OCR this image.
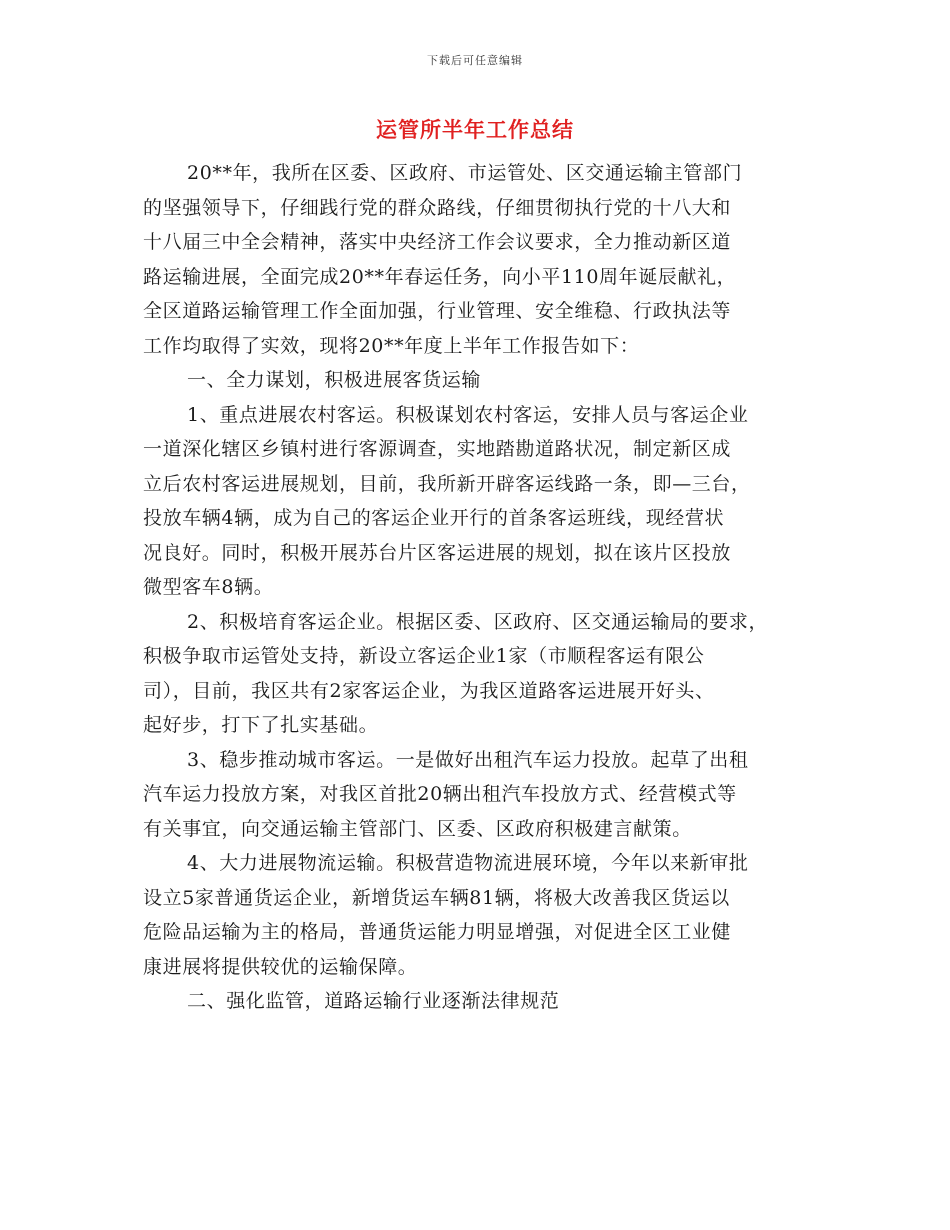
下载后可任意编辑
运管所半年工作总结
20**年，我所在区委、区政府、市运管处、区交通运输主管部门
的坚强领导下，仔细践行党的群众路线，仔细贯彻执行党的十八大和
十八届三中全会精神，落实中央经济工作会议要求，全力推动新区道
路运输进展，全面完成20**年春运任务，向小平110周年诞辰献礼，
全区道路运输管理工作全面加强，行业管理、安全维稳、行政执法等
工作均取得了实效，现将20**年度上半年工作报告如下：
一、全力谋划，积极进展客货运输
1、重点进展农村客运。积极谋划农村客运，安排人员与客运企业
一道深化辖区乡镇村进行客源调查，实地踏勘道路状况，制定新区成
立后农村客运进展规划，目前，我所新开辟客运线路一条，即—三台，
投放车辆4辆，成为自己的客运企业开行的首条客运班线，现经营状
况良好。同时，积极开展苏台片区客运进展的规划，拟在该片区投放
微型客车8辆。
2、积极培育客运企业。根据区委、区政府、区交通运输局的要求，
积极争取市运管处支持，新设立客运企业1家（市顺程客运有限公
司），目前，我区共有2家客运企业，为我区道路客运进展开好头、
起好步，打下了扎实基础。
3、稳步推动城市客运。一是做好出租汽车运力投放。起草了出租
汽车运力投放方案，对我区首批20辆出租汽车投放方式、经营模式等
有关事宜，向交通运输主管部门、区委、区政府积极建言献策。
4、大力进展物流运输。积极营造物流进展环境，今年以来新审批
设立5家普通货运企业，新增货运车辆81辆，将极大改善我区货运以
危险品运输为主的格局，普通货运能力明显增强，对促进全区工业健
康进展将提供较优的运输保障。
二、强化监管，道路运输行业逐渐法律规范
